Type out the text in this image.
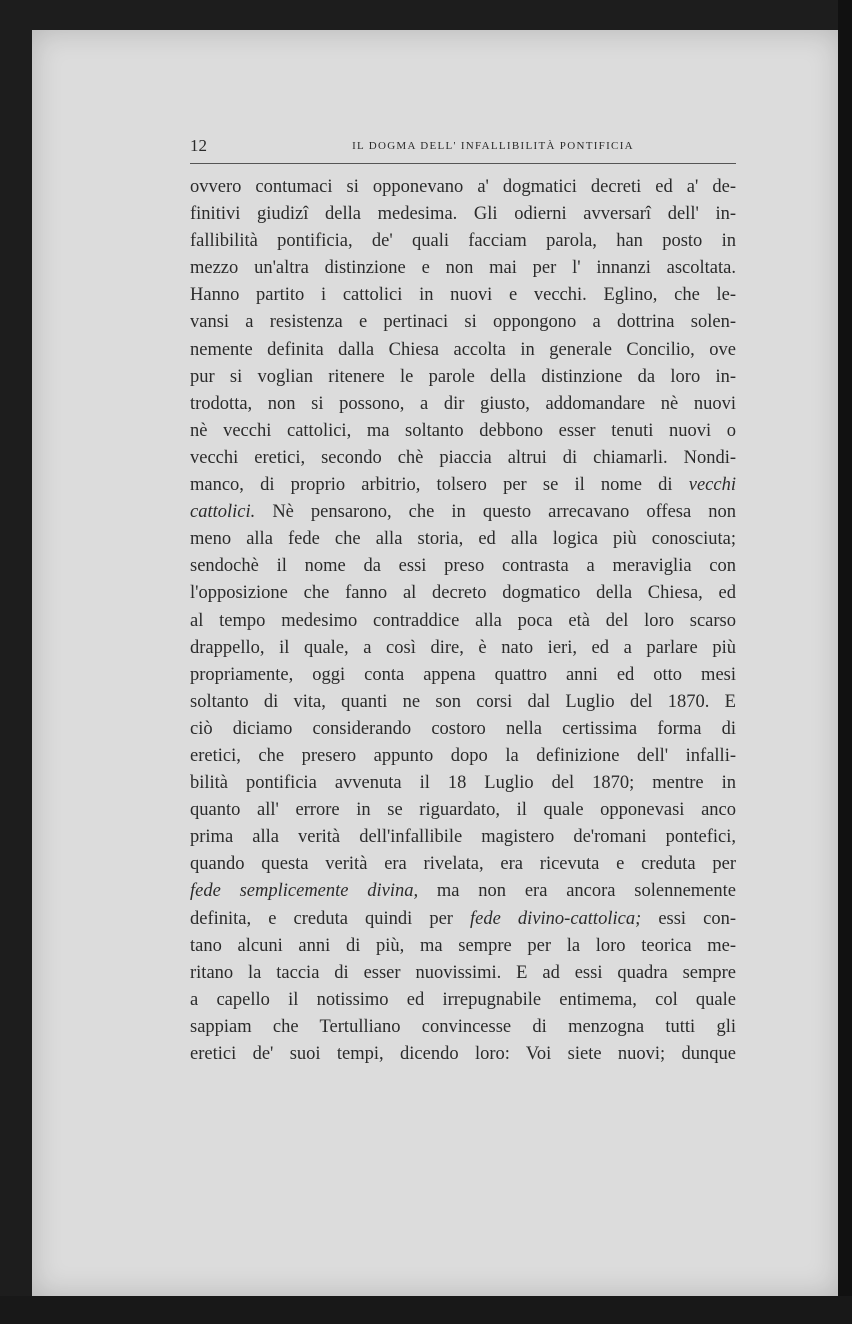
12	IL DOGMA DELL' INFALLIBILITÀ PONTIFICIA
ovvero contumaci si opponevano a' dogmatici decreti ed a' de-
finitivi giudizî della medesima. Gli odierni avversarî dell' in-
fallibilità pontificia, de' quali facciam parola, han posto in
mezzo un'altra distinzione e non mai per l' innanzi ascoltata.
Hanno partito i cattolici in nuovi e vecchi. Eglino, che le-
vansi a resistenza e pertinaci si oppongono a dottrina solen-
nemente definita dalla Chiesa accolta in generale Concilio, ove
pur si voglian ritenere le parole della distinzione da loro in-
trodotta, non si possono, a dir giusto, addomandare nè nuovi
nè vecchi cattolici, ma soltanto debbono esser tenuti nuovi o
vecchi eretici, secondo chè piaccia altrui di chiamarli. Nondi-
manco, di proprio arbitrio, tolsero per se il nome di vecchi
cattolici. Nè pensarono, che in questo arrecavano offesa non
meno alla fede che alla storia, ed alla logica più conosciuta;
sendochè il nome da essi preso contrasta a meraviglia con
l'opposizione che fanno al decreto dogmatico della Chiesa, ed
al tempo medesimo contraddice alla poca età del loro scarso
drappello, il quale, a così dire, è nato ieri, ed a parlare più
propriamente, oggi conta appena quattro anni ed otto mesi
soltanto di vita, quanti ne son corsi dal Luglio del 1870. E
ciò diciamo considerando costoro nella certissima forma di
eretici, che presero appunto dopo la definizione dell' infalli-
bilità pontificia avvenuta il 18 Luglio del 1870; mentre in
quanto all' errore in se riguardato, il quale opponevasi anco
prima alla verità dell'infallibile magistero de'romani pontefici,
quando questa verità era rivelata, era ricevuta e creduta per
fede semplicemente divina, ma non era ancora solennemente
definita, e creduta quindi per fede divino-cattolica; essi con-
tano alcuni anni di più, ma sempre per la loro teorica me-
ritano la taccia di esser nuovissimi. E ad essi quadra sempre
a capello il notissimo ed irrepugnabile entimema, col quale
sappiam che Tertulliano convincesse di menzogna tutti gli
eretici de' suoi tempi, dicendo loro: Voi siete nuovi; dunque
